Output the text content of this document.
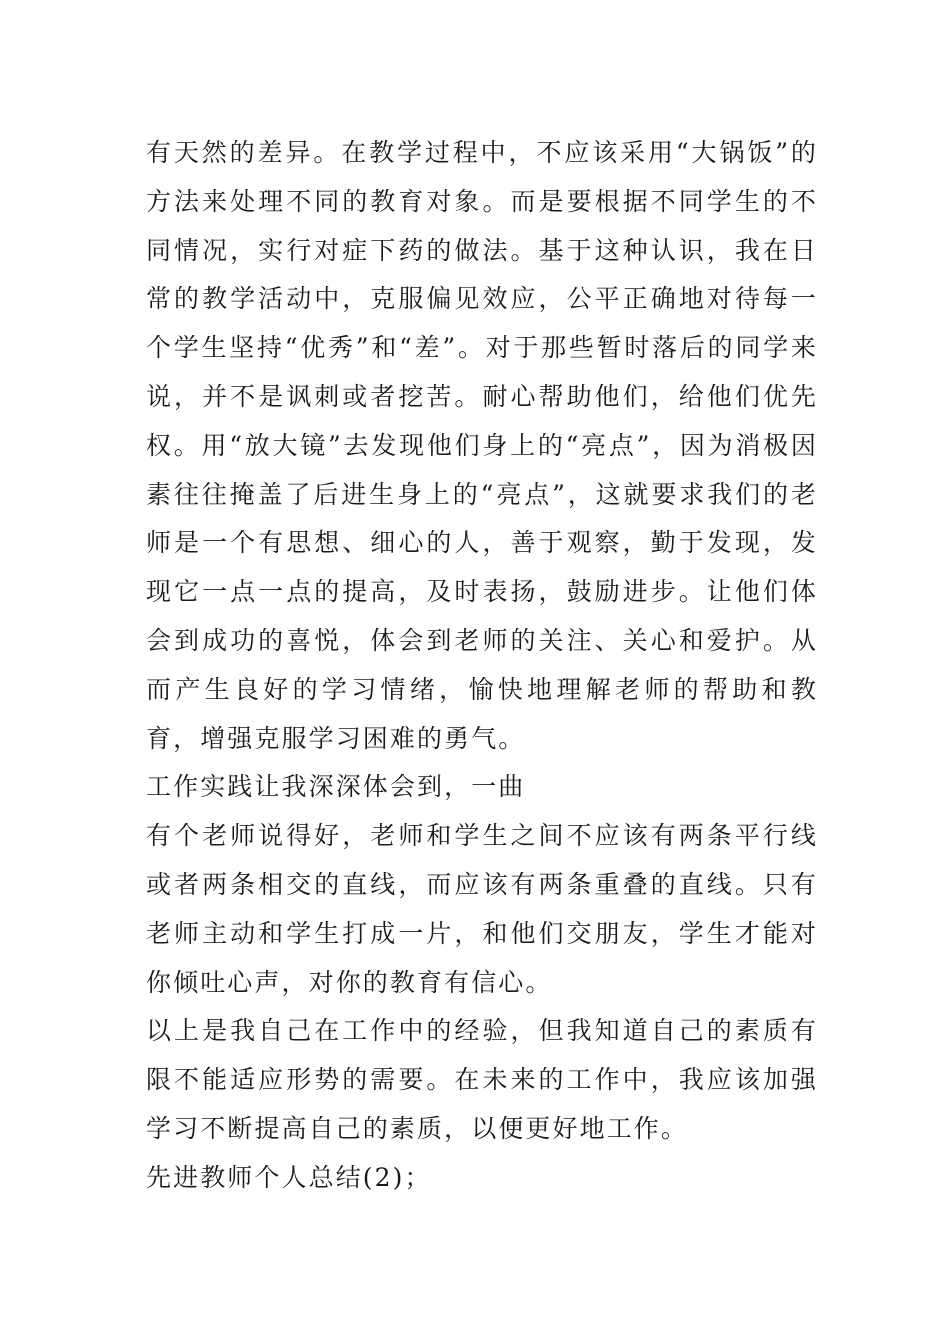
有天然的差异。在教学过程中，不应该采用“大锅饭”的方法来处理不同的教育对象。而是要根据不同学生的不同情况，实行对症下药的做法。基于这种认识，我在日常的教学活动中，克服偏见效应，公平正确地对待每一个学生坚持“优秀”和“差”。对于那些暂时落后的同学来说，并不是讽刺或者挖苦。耐心帮助他们，给他们优先权。用“放大镜”去发现他们身上的“亮点”，因为消极因素往往掩盖了后进生身上的“亮点”，这就要求我们的老师是一个有思想、细心的人，善于观察，勤于发现，发现它一点一点的提高，及时表扬，鼓励进步。让他们体会到成功的喜悦，体会到老师的关注、关心和爱护。从而产生良好的学习情绪，愉快地理解老师的帮助和教育，增强克服学习困难的勇气。

工作实践让我深深体会到，一曲

有个老师说得好，老师和学生之间不应该有两条平行线或者两条相交的直线，而应该有两条重叠的直线。只有老师主动和学生打成一片，和他们交朋友，学生才能对你倾吐心声，对你的教育有信心。

以上是我自己在工作中的经验，但我知道自己的素质有限不能适应形势的需要。在未来的工作中，我应该加强学习不断提高自己的素质，以便更好地工作。

先进教师个人总结(2)；
